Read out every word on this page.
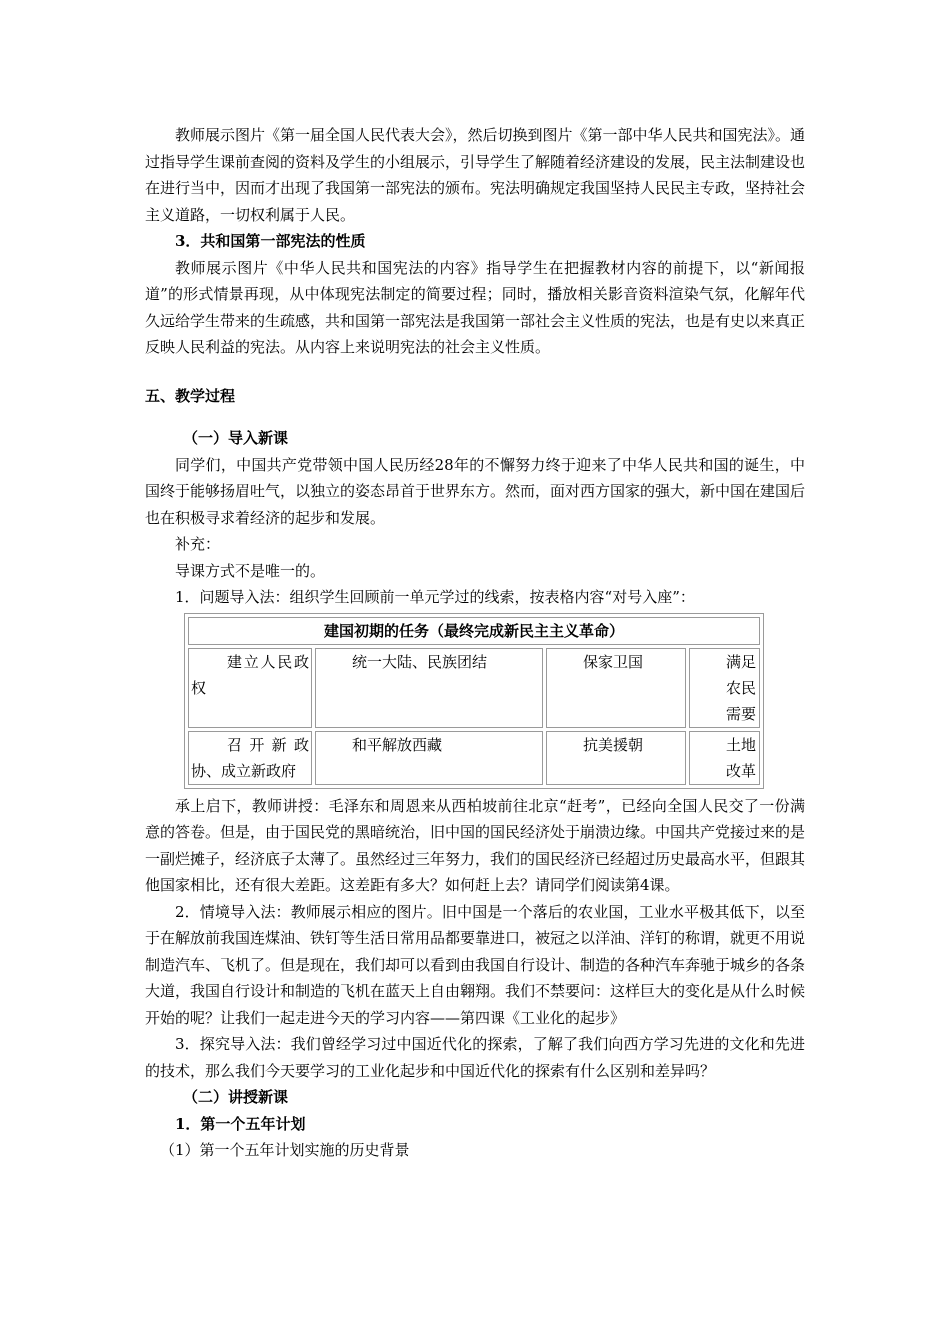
教师展示图片《第一届全国人民代表大会》，然后切换到图片《第一部中华人民共和国宪法》。通过指导学生课前查阅的资料及学生的小组展示，引导学生了解随着经济建设的发展，民主法制建设也在进行当中，因而才出现了我国第一部宪法的颁布。宪法明确规定我国坚持人民民主专政，坚持社会主义道路，一切权利属于人民。

3．共和国第一部宪法的性质

教师展示图片《中华人民共和国宪法的内容》指导学生在把握教材内容的前提下，以“新闻报道”的形式情景再现，从中体现宪法制定的简要过程；同时，播放相关影音资料渲染气氛，化解年代久远给学生带来的生疏感，共和国第一部宪法是我国第一部社会主义性质的宪法，也是有史以来真正反映人民利益的宪法。从内容上来说明宪法的社会主义性质。

五、教学过程

（一）导入新课

同学们，中国共产党带领中国人民历经28年的不懈努力终于迎来了中华人民共和国的诞生，中国终于能够扬眉吐气，以独立的姿态昂首于世界东方。然而，面对西方国家的强大，新中国在建国后也在积极寻求着经济的起步和发展。

补充：

导课方式不是唯一的。

1．问题导入法：组织学生回顾前一单元学过的线索，按表格内容“对号入座”：

建国初期的任务（最终完成新民主主义革命）			
建立人民政权	统一大陆、民族团结	保家卫国	满足农民需要
召 开 新 政 协、成立新政府	和平解放西藏	抗美援朝	土地改革

承上启下，教师讲授：毛泽东和周恩来从西柏坡前往北京“赶考”，已经向全国人民交了一份满意的答卷。但是，由于国民党的黑暗统治，旧中国的国民经济处于崩溃边缘。中国共产党接过来的是一副烂摊子，经济底子太薄了。虽然经过三年努力，我们的国民经济已经超过历史最高水平，但跟其他国家相比，还有很大差距。这差距有多大？如何赶上去？请同学们阅读第4课。

2．情境导入法：教师展示相应的图片。旧中国是一个落后的农业国，工业水平极其低下，以至于在解放前我国连煤油、铁钉等生活日常用品都要靠进口，被冠之以洋油、洋钉的称谓，就更不用说制造汽车、飞机了。但是现在，我们却可以看到由我国自行设计、制造的各种汽车奔驰于城乡的各条大道，我国自行设计和制造的飞机在蓝天上自由翱翔。我们不禁要问：这样巨大的变化是从什么时候开始的呢？让我们一起走进今天的学习内容——第四课《工业化的起步》

3．探究导入法：我们曾经学习过中国近代化的探索，了解了我们向西方学习先进的文化和先进的技术，那么我们今天要学习的工业化起步和中国近代化的探索有什么区别和差异吗？

（二）讲授新课

1．第一个五年计划

（1）第一个五年计划实施的历史背景
